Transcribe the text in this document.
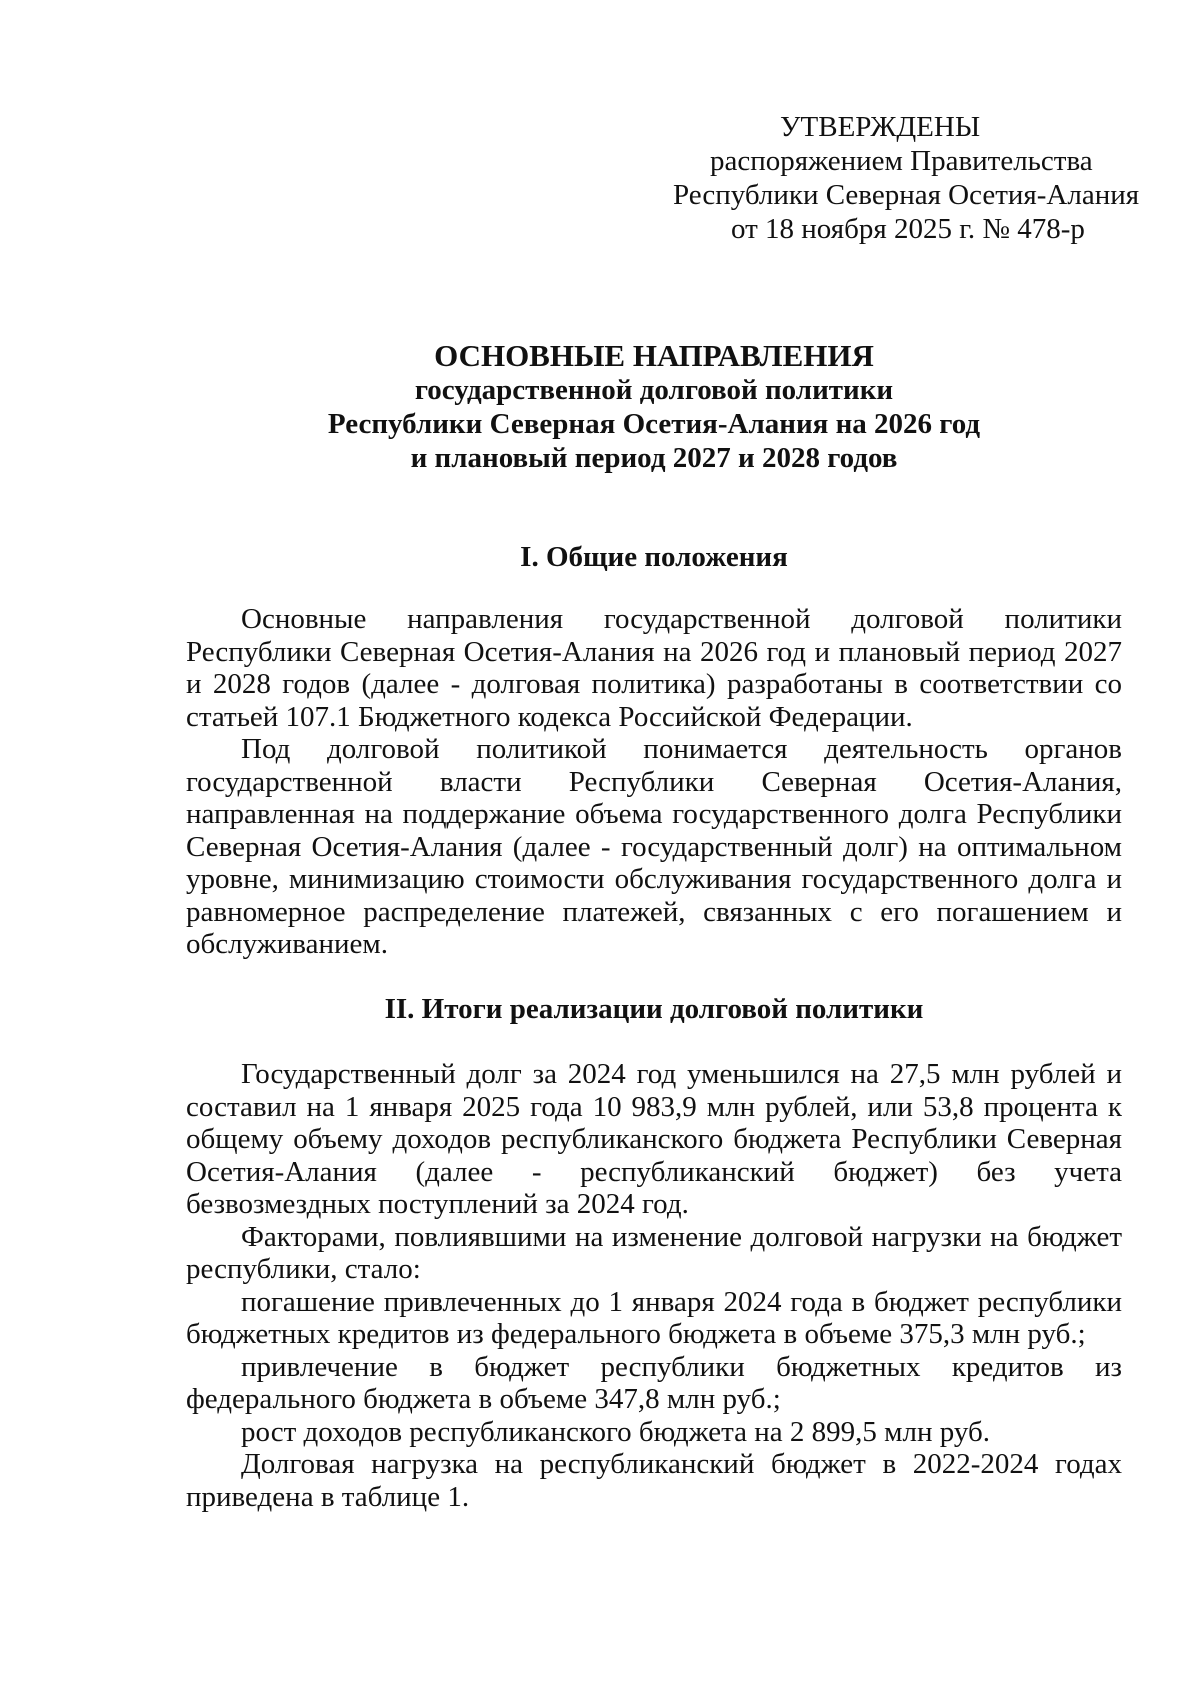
УТВЕРЖДЕНЫ
распоряжением Правительства
Республики Северная Осетия-Алания
от 18 ноября 2025 г. № 478-р
ОСНОВНЫЕ НАПРАВЛЕНИЯ
государственной долговой политики
Республики Северная Осетия-Алания на 2026 год
и плановый период 2027 и 2028 годов
I. Общие положения

Основные направления государственной долговой политики Республики Северная Осетия-Алания на 2026 год и плановый период 2027 и 2028 годов (далее - долговая политика) разработаны в соответствии со статьей 107.1 Бюджетного кодекса Российской Федерации.

Под долговой политикой понимается деятельность органов государственной власти Республики Северная Осетия-Алания, направленная на поддержание объема государственного долга Республики Северная Осетия-Алания (далее - государственный долг) на оптимальном уровне, минимизацию стоимости обслуживания государственного долга и равномерное распределение платежей, связанных с его погашением и обслуживанием.

II. Итоги реализации долговой политики

Государственный долг за 2024 год уменьшился на 27,5 млн рублей и составил на 1 января 2025 года 10 983,9 млн рублей, или 53,8 процента к общему объему доходов республиканского бюджета Республики Северная Осетия-Алания (далее - республиканский бюджет) без учета безвозмездных поступлений за 2024 год.

Факторами, повлиявшими на изменение долговой нагрузки на бюджет республики, стало:

погашение привлеченных до 1 января 2024 года в бюджет республики бюджетных кредитов из федерального бюджета в объеме 375,3 млн руб.;

привлечение в бюджет республики бюджетных кредитов из федерального бюджета в объеме 347,8 млн руб.;

рост доходов республиканского бюджета на 2 899,5 млн руб.

Долговая нагрузка на республиканский бюджет в 2022-2024 годах приведена в таблице 1.
